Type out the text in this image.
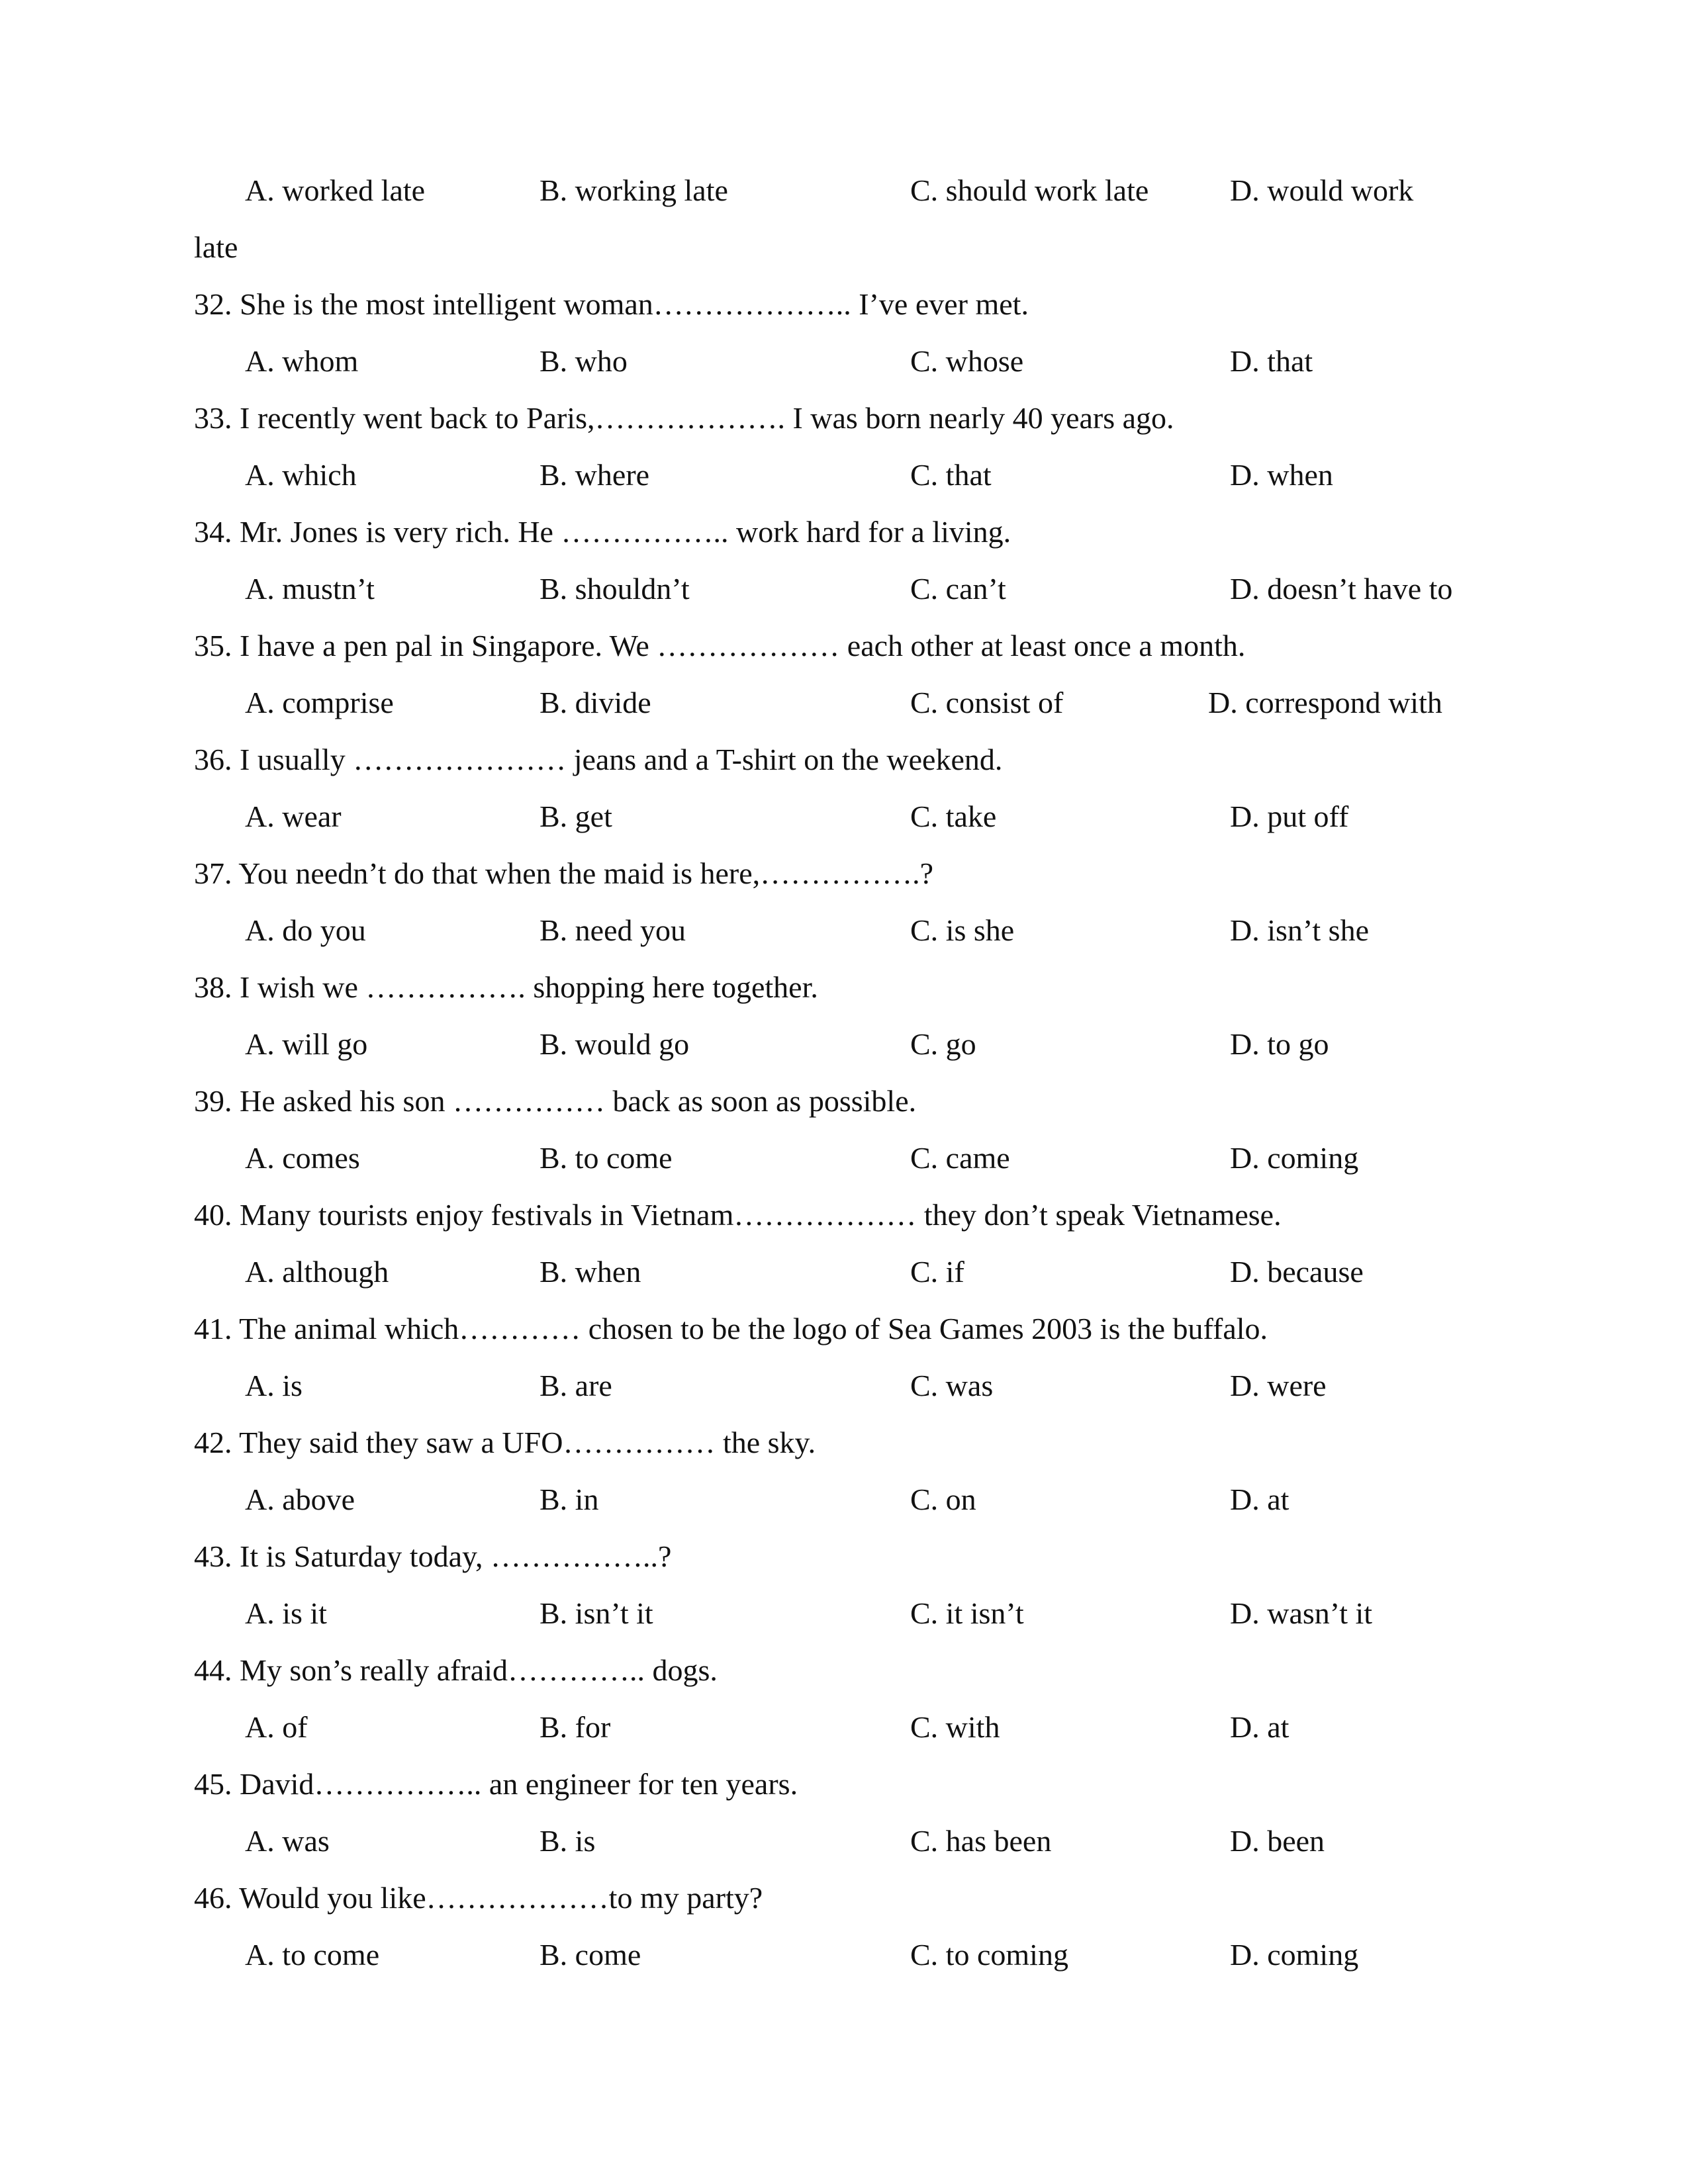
A. worked late	B. working late	C. should work late	D. would work
late
32. She is the most intelligent woman……………….. I’ve ever met.
A. whom	B. who	C. whose	D. that
33. I recently went back to Paris,………………. I was born nearly 40 years ago.
A. which	B. where	C. that	D. when
34. Mr. Jones is very rich. He …………….. work hard for a living.
A. mustn’t	B. shouldn’t	C. can’t	D. doesn’t have to
35. I have a pen pal in Singapore. We ……………… each other at least once a month.
A. comprise	B. divide	C. consist of	D. correspond with
36. I usually ………………… jeans and a T-shirt on the weekend.
A. wear	B. get	C. take	D. put off
37. You needn’t do that when the maid is here,…………….?
A. do you	B. need you	C. is she	D. isn’t she
38. I wish we ……………. shopping here together.
A. will go	B. would go	C. go	D. to go
39. He asked his son …………… back as soon as possible.
A. comes	B. to come	C. came	D. coming
40. Many tourists enjoy festivals in Vietnam……………… they don’t speak Vietnamese.
A. although	B. when	C. if	D. because
41. The animal which………… chosen to be the logo of Sea Games 2003 is the buffalo.
A. is	B. are	C. was	D. were
42. They said they saw a UFO…………… the sky.
A. above	B. in	C. on	D. at
43. It is Saturday today, ……………..?
A. is it	B. isn’t it	C. it isn’t	D. wasn’t it
44. My son’s really afraid………….. dogs.
A. of	B. for	C. with	D. at
45. David…………….. an engineer for ten years.
A. was	B. is	C. has been	D. been
46. Would you like………………to my party?
A. to come	B. come	C. to coming	D. coming
